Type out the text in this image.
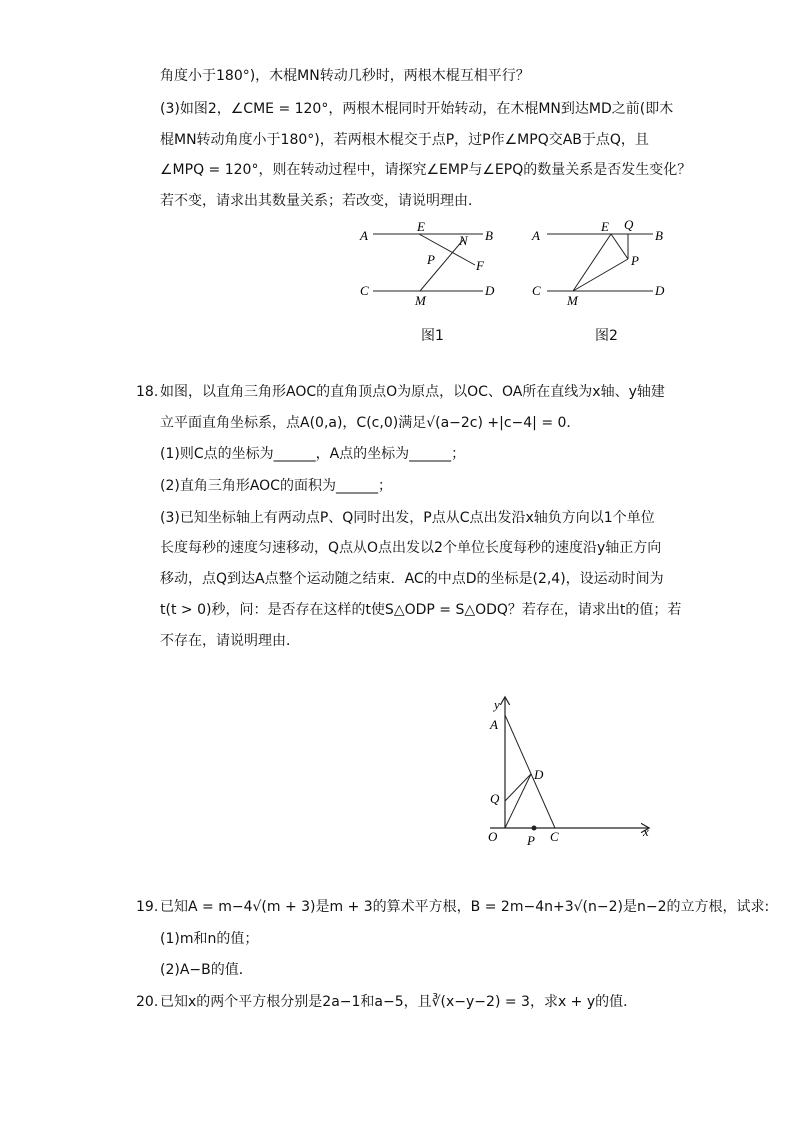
角度小于180°)，木棍MN转动几秒时，两根木棍互相平行？
(3)如图2，∠CME = 120°，两根木棍同时开始转动，在木棍MN到达MD之前(即木
棍MN转动角度小于180°)，若两根木棍交于点P，过P作∠MPQ交AB于点Q，且
∠MPQ = 120°，则在转动过程中，请探究∠EMP与∠EPQ的数量关系是否发生变化？
若不变，请求出其数量关系；若改变，请说明理由．
A
E
N B
P	F
C
M
D
图1
A
E Q
B
P
C
M
D
图2
18. 如图，以直角三角形AOC的直角顶点O为原点，以OC、OA所在直线为x轴、y轴建
立平面直角坐标系，点A(0,a)，C(c,0)满足√(a−2c) +|c−4| = 0．
(1)则C点的坐标为______，A点的坐标为______；
(2)直角三角形AOC的面积为______；
(3)已知坐标轴上有两动点P、Q同时出发，P点从C点出发沿x轴负方向以1个单位
长度每秒的速度匀速移动，Q点从O点出发以2个单位长度每秒的速度沿y轴正方向
移动，点Q到达A点整个运动随之结束．AC的中点D的坐标是(2,4)，设运动时间为
t(t > 0)秒，问：是否存在这样的t使S△ODP = S△ODQ？若存在，请求出t的值；若
不存在，请说明理由．
y
A
D
Q
O P C	x
19. 已知A = m−4√(m + 3)是m + 3的算术平方根，B = 2m−4n+3√(n−2)是n−2的立方根，试求:
(1)m和n的值；
(2)A−B的值．
20. 已知x的两个平方根分别是2a−1和a−5，且∛(x−y−2) = 3，求x + y的值．
